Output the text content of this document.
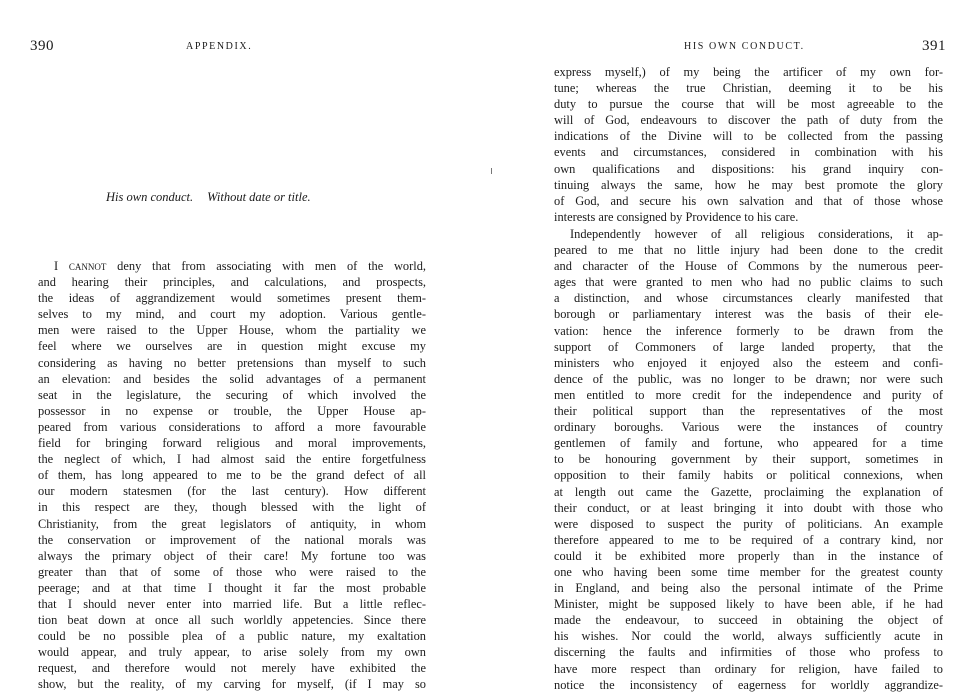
390	APPENDIX.
His own conduct. Without date or title.
I cannot deny that from associating with men of the world,
and hearing their principles, and calculations, and prospects,
the ideas of aggrandizement would sometimes present them-
selves to my mind, and court my adoption. Various gentle-
men were raised to the Upper House, whom the partiality we
feel where we ourselves are in question might excuse my
considering as having no better pretensions than myself to such
an elevation: and besides the solid advantages of a permanent
seat in the legislature, the securing of which involved the
possessor in no expense or trouble, the Upper House ap-
peared from various considerations to afford a more favourable
field for bringing forward religious and moral improvements,
the neglect of which, I had almost said the entire forgetfulness
of them, has long appeared to me to be the grand defect of all
our modern statesmen (for the last century). How different
in this respect are they, though blessed with the light of
Christianity, from the great legislators of antiquity, in whom
the conservation or improvement of the national morals was
always the primary object of their care! My fortune too was
greater than that of some of those who were raised to the
peerage; and at that time I thought it far the most probable
that I should never enter into married life. But a little reflec-
tion beat down at once all such worldly appetencies. Since there
could be no possible plea of a public nature, my exaltation
would appear, and truly appear, to arise solely from my own
request, and therefore would not merely have exhibited the
show, but the reality, of my carving for myself, (if I may so
391
HIS OWN CONDUCT.
express myself,) of my being the artificer of my own for-
tune; whereas the true Christian, deeming it to be his
duty to pursue the course that will be most agreeable to the
will of God, endeavours to discover the path of duty from the
indications of the Divine will to be collected from the passing
events and circumstances, considered in combination with his
own qualifications and dispositions: his grand inquiry con-
tinuing always the same, how he may best promote the glory
of God, and secure his own salvation and that of those whose
interests are consigned by Providence to his care.
Independently however of all religious considerations, it ap-
peared to me that no little injury had been done to the credit
and character of the House of Commons by the numerous peer-
ages that were granted to men who had no public claims to such
a distinction, and whose circumstances clearly manifested that
borough or parliamentary interest was the basis of their ele-
vation: hence the inference formerly to be drawn from the
support of Commoners of large landed property, that the
ministers who enjoyed it enjoyed also the esteem and confi-
dence of the public, was no longer to be drawn; nor were such
men entitled to more credit for the independence and purity of
their political support than the representatives of the most
ordinary boroughs. Various were the instances of country
gentlemen of family and fortune, who appeared for a time
to be honouring government by their support, sometimes in
opposition to their family habits or political connexions, when
at length out came the Gazette, proclaiming the explanation of
their conduct, or at least bringing it into doubt with those who
were disposed to suspect the purity of politicians. An example
therefore appeared to me to be required of a contrary kind, nor
could it be exhibited more properly than in the instance of
one who having been some time member for the greatest county
in England, and being also the personal intimate of the Prime
Minister, might be supposed likely to have been able, if he had
made the endeavour, to succeed in obtaining the object of
his wishes. Nor could the world, always sufficiently acute in
discerning the faults and infirmities of those who profess to
have more respect than ordinary for religion, have failed to
notice the inconsistency of eagerness for worldly aggrandize-
